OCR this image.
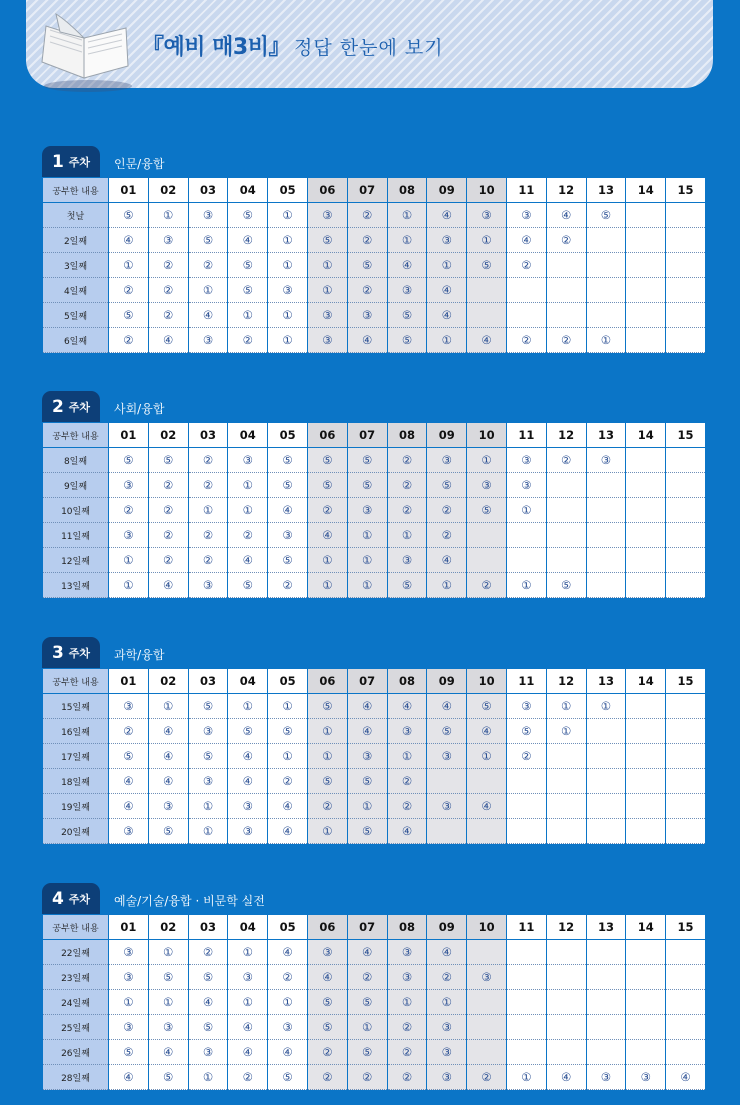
『예비 매3비』 정답 한눈에 보기
1 주차 인문/융합
공부한 내용	01	02	03	04	05	06	07	08	09	10	11	12	13	14	15
첫날	⑤	①	③	⑤	①	③	②	①	④	③	③	④	⑤		
2일째	④	③	⑤	④	①	⑤	②	①	③	①	④	②			
3일째	①	②	②	⑤	①	①	⑤	④	①	⑤	②				
4일째	②	②	①	⑤	③	①	②	③	④						
5일째	⑤	②	④	①	①	③	③	⑤	④						
6일째	②	④	③	②	①	③	④	⑤	①	④	②	②	①		
2 주차 사회/융합
공부한 내용	01	02	03	04	05	06	07	08	09	10	11	12	13	14	15
8일째	⑤	⑤	②	③	⑤	⑤	⑤	②	③	①	③	②	③		
9일째	③	②	②	①	⑤	⑤	⑤	②	⑤	③	③				
10일째	②	②	①	①	④	②	③	②	②	⑤	①				
11일째	③	②	②	②	③	④	①	①	②						
12일째	①	②	②	④	⑤	①	①	③	④						
13일째	①	④	③	⑤	②	①	①	⑤	①	②	①	⑤			
3 주차 과학/융합
공부한 내용	01	02	03	04	05	06	07	08	09	10	11	12	13	14	15
15일째	③	①	⑤	①	①	⑤	④	④	④	⑤	③	①	①		
16일째	②	④	③	⑤	⑤	①	④	③	⑤	④	⑤	①			
17일째	⑤	④	⑤	④	①	①	③	①	③	①	②				
18일째	④	④	③	④	②	⑤	⑤	②							
19일째	④	③	①	③	④	②	①	②	③	④					
20일째	③	⑤	①	③	④	①	⑤	④							
4 주차 예술/기술/융합 · 비문학 실전
공부한 내용	01	02	03	04	05	06	07	08	09	10	11	12	13	14	15
22일째	③	①	②	①	④	③	④	③	④						
23일째	③	⑤	⑤	③	②	④	②	③	②	③					
24일째	①	①	④	①	①	⑤	⑤	①	①						
25일째	③	③	⑤	④	③	⑤	①	②	③						
26일째	⑤	④	③	④	④	②	⑤	②	③						
28일째	④	⑤	①	②	⑤	②	②	②	③	②	①	④	③	③	④
